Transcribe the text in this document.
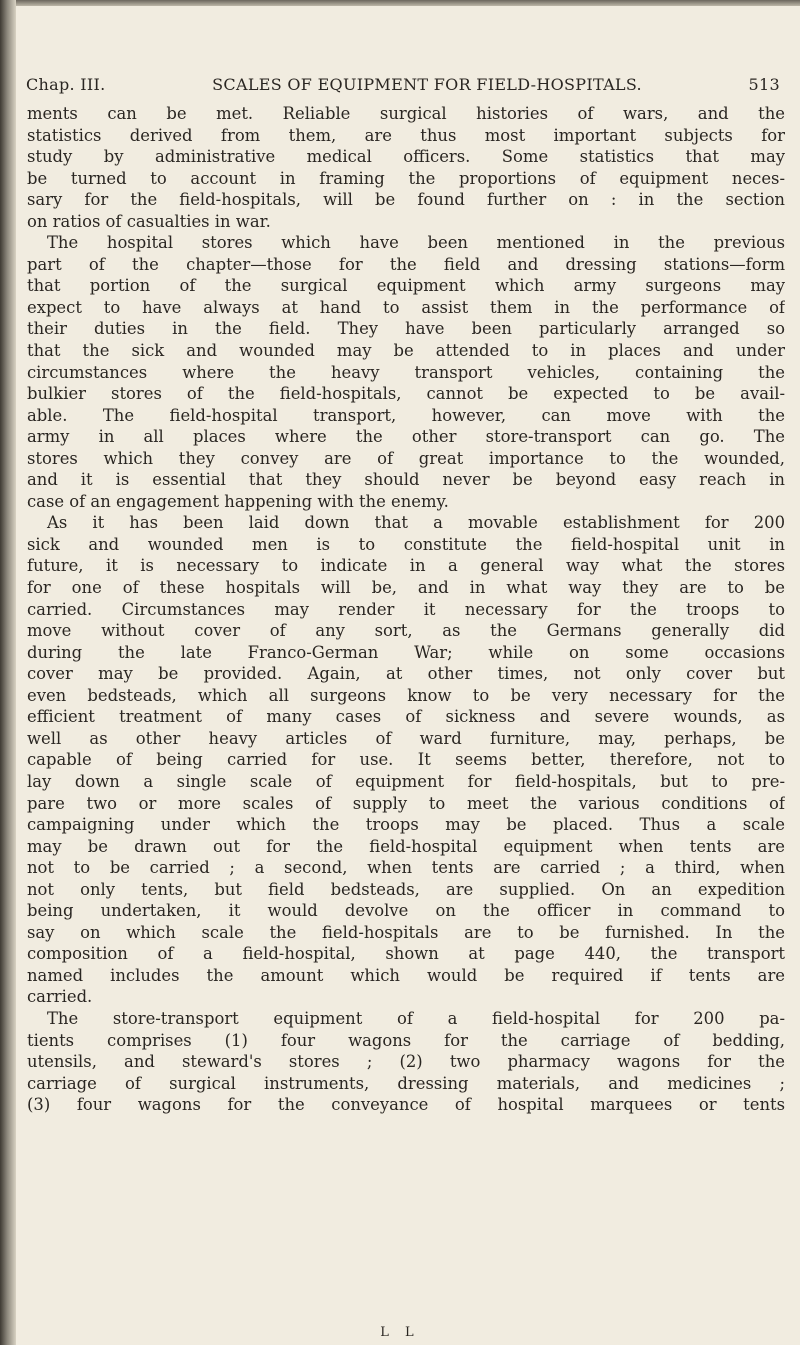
Chap. III.	SCALES OF EQUIPMENT FOR FIELD-HOSPITALS.	513
ments can be met. Reliable surgical histories of wars, and the
statistics derived from them, are thus most important subjects for
study by administrative medical officers. Some statistics that may
be turned to account in framing the proportions of equipment neces-
sary for the field-hospitals, will be found further on : in the section
on ratios of casualties in war.
The hospital stores which have been mentioned in the previous
part of the chapter—those for the field and dressing stations—form
that portion of the surgical equipment which army surgeons may
expect to have always at hand to assist them in the performance of
their duties in the field. They have been particularly arranged so
that the sick and wounded may be attended to in places and under
circumstances where the heavy transport vehicles, containing the
bulkier stores of the field-hospitals, cannot be expected to be avail-
able. The field-hospital transport, however, can move with the
army in all places where the other store-transport can go. The
stores which they convey are of great importance to the wounded,
and it is essential that they should never be beyond easy reach in
case of an engagement happening with the enemy.
As it has been laid down that a movable establishment for 200
sick and wounded men is to constitute the field-hospital unit in
future, it is necessary to indicate in a general way what the stores
for one of these hospitals will be, and in what way they are to be
carried. Circumstances may render it necessary for the troops to
move without cover of any sort, as the Germans generally did
during the late Franco-German War; while on some occasions
cover may be provided. Again, at other times, not only cover but
even bedsteads, which all surgeons know to be very necessary for the
efficient treatment of many cases of sickness and severe wounds, as
well as other heavy articles of ward furniture, may, perhaps, be
capable of being carried for use. It seems better, therefore, not to
lay down a single scale of equipment for field-hospitals, but to pre-
pare two or more scales of supply to meet the various conditions of
campaigning under which the troops may be placed. Thus a scale
may be drawn out for the field-hospital equipment when tents are
not to be carried ; a second, when tents are carried ; a third, when
not only tents, but field bedsteads, are supplied. On an expedition
being undertaken, it would devolve on the officer in command to
say on which scale the field-hospitals are to be furnished. In the
composition of a field-hospital, shown at page 440, the transport
named includes the amount which would be required if tents are
carried.
The store-transport equipment of a field-hospital for 200 pa-
tients comprises (1) four wagons for the carriage of bedding,
utensils, and steward's stores ; (2) two pharmacy wagons for the
carriage of surgical instruments, dressing materials, and medicines ;
(3) four wagons for the conveyance of hospital marquees or tents
L L
